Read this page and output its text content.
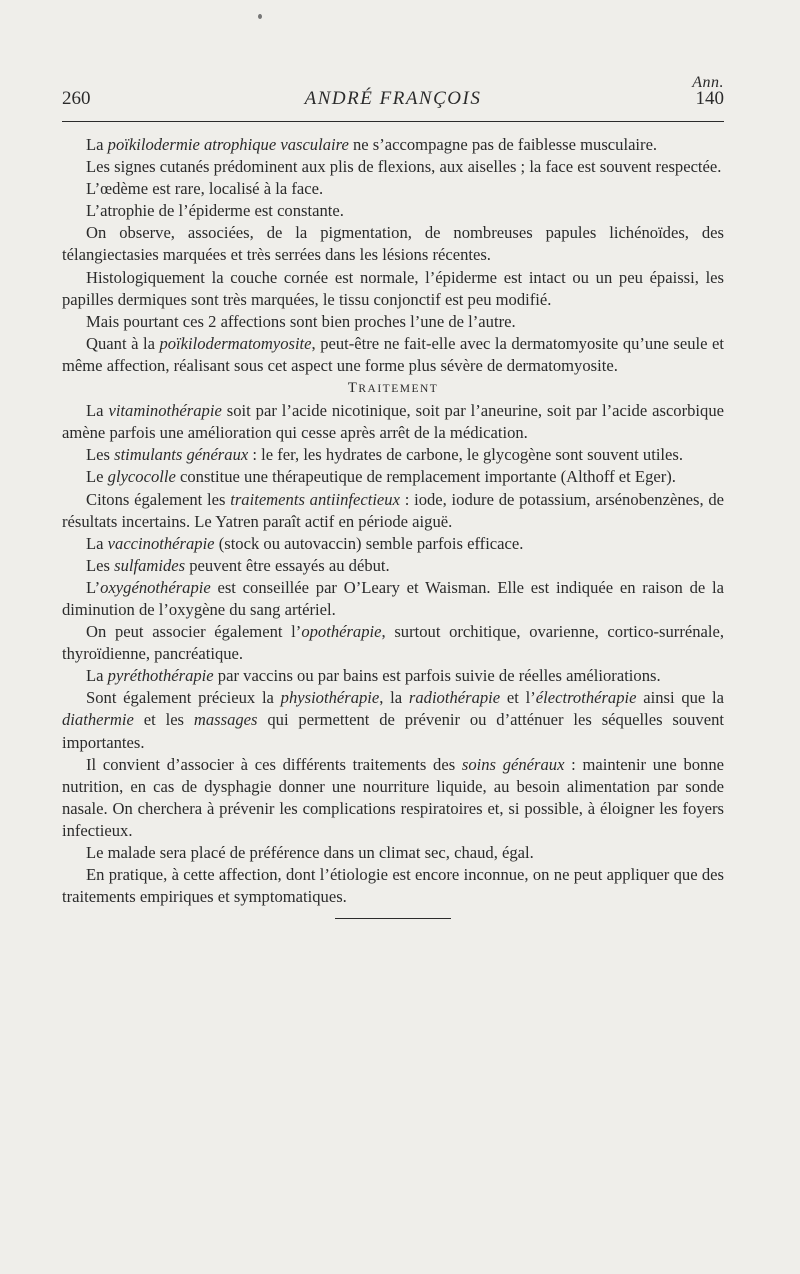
Ann.
260	ANDRÉ FRANÇOIS	140

La poïkilodermie atrophique vasculaire ne s’accompagne pas de faiblesse musculaire.

Les signes cutanés prédominent aux plis de flexions, aux aiselles ; la face est souvent respectée.

L’œdème est rare, localisé à la face.

L’atrophie de l’épiderme est constante.

On observe, associées, de la pigmentation, de nombreuses papules lichénoïdes, des télangiectasies marquées et très serrées dans les lésions récentes.

Histologiquement la couche cornée est normale, l’épiderme est intact ou un peu épaissi, les papilles dermiques sont très marquées, le tissu conjonctif est peu modifié.

Mais pourtant ces 2 affections sont bien proches l’une de l’autre.

Quant à la poïkilodermatomyosite, peut-être ne fait-elle avec la dermatomyosite qu’une seule et même affection, réalisant sous cet aspect une forme plus sévère de dermatomyosite.

TRAITEMENT

La vitaminothérapie soit par l’acide nicotinique, soit par l’aneurine, soit par l’acide ascorbique amène parfois une amélioration qui cesse après arrêt de la médication.

Les stimulants généraux : le fer, les hydrates de carbone, le glycogène sont souvent utiles.

Le glycocolle constitue une thérapeutique de remplacement importante (Althoff et Eger).

Citons également les traitements antiinfectieux : iode, iodure de potassium, arsénobenzènes, de résultats incertains. Le Yatren paraît actif en période aiguë.

La vaccinothérapie (stock ou autovaccin) semble parfois efficace.

Les sulfamides peuvent être essayés au début.

L’oxygénothérapie est conseillée par O’Leary et Waisman. Elle est indiquée en raison de la diminution de l’oxygène du sang artériel.

On peut associer également l’opothérapie, surtout orchitique, ovarienne, cortico-surrénale, thyroïdienne, pancréatique.

La pyréthothérapie par vaccins ou par bains est parfois suivie de réelles améliorations.

Sont également précieux la physiothérapie, la radiothérapie et l’électrothérapie ainsi que la diathermie et les massages qui permettent de prévenir ou d’atténuer les séquelles souvent importantes.

Il convient d’associer à ces différents traitements des soins généraux : maintenir une bonne nutrition, en cas de dysphagie donner une nourriture liquide, au besoin alimentation par sonde nasale. On cherchera à prévenir les complications respiratoires et, si possible, à éloigner les foyers infectieux.

Le malade sera placé de préférence dans un climat sec, chaud, égal.

En pratique, à cette affection, dont l’étiologie est encore inconnue, on ne peut appliquer que des traitements empiriques et symptomatiques.
